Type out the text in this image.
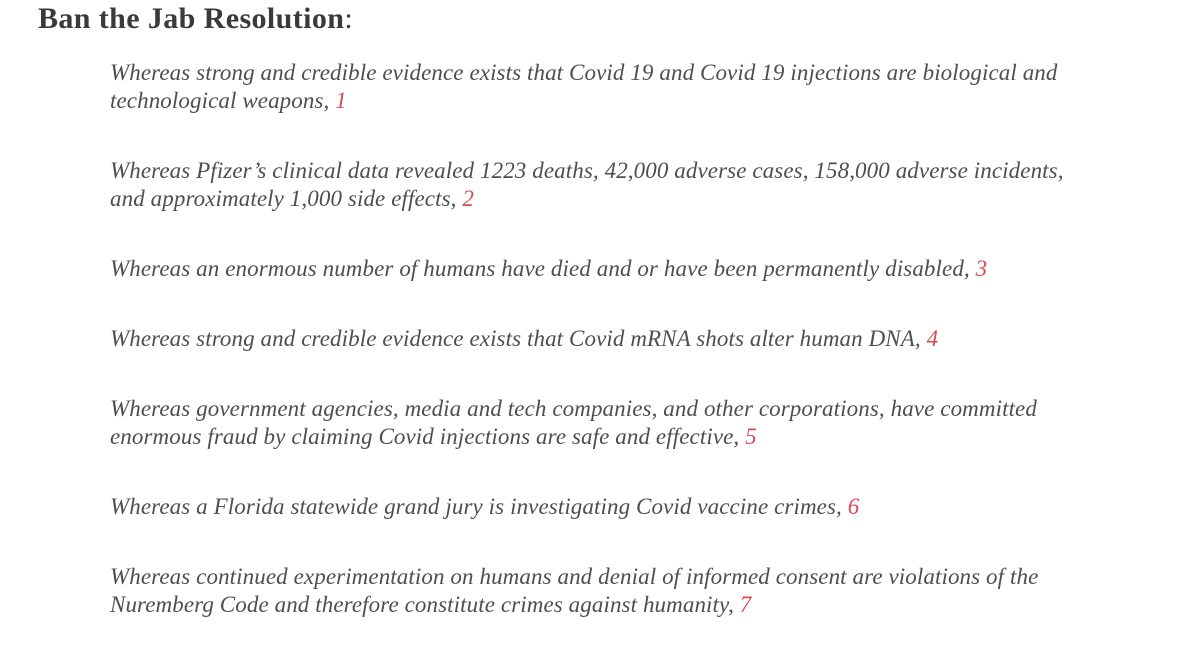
Ban the Jab Resolution:

Whereas strong and credible evidence exists that Covid 19 and Covid 19 injections are biological and technological weapons, 1

Whereas Pfizer’s clinical data revealed 1223 deaths, 42,000 adverse cases, 158,000 adverse incidents, and approximately 1,000 side effects, 2

Whereas an enormous number of humans have died and or have been permanently disabled, 3

Whereas strong and credible evidence exists that Covid mRNA shots alter human DNA, 4

Whereas government agencies, media and tech companies, and other corporations, have committed enormous fraud by claiming Covid injections are safe and effective, 5

Whereas a Florida statewide grand jury is investigating Covid vaccine crimes, 6

Whereas continued experimentation on humans and denial of informed consent are violations of the Nuremberg Code and therefore constitute crimes against humanity, 7
